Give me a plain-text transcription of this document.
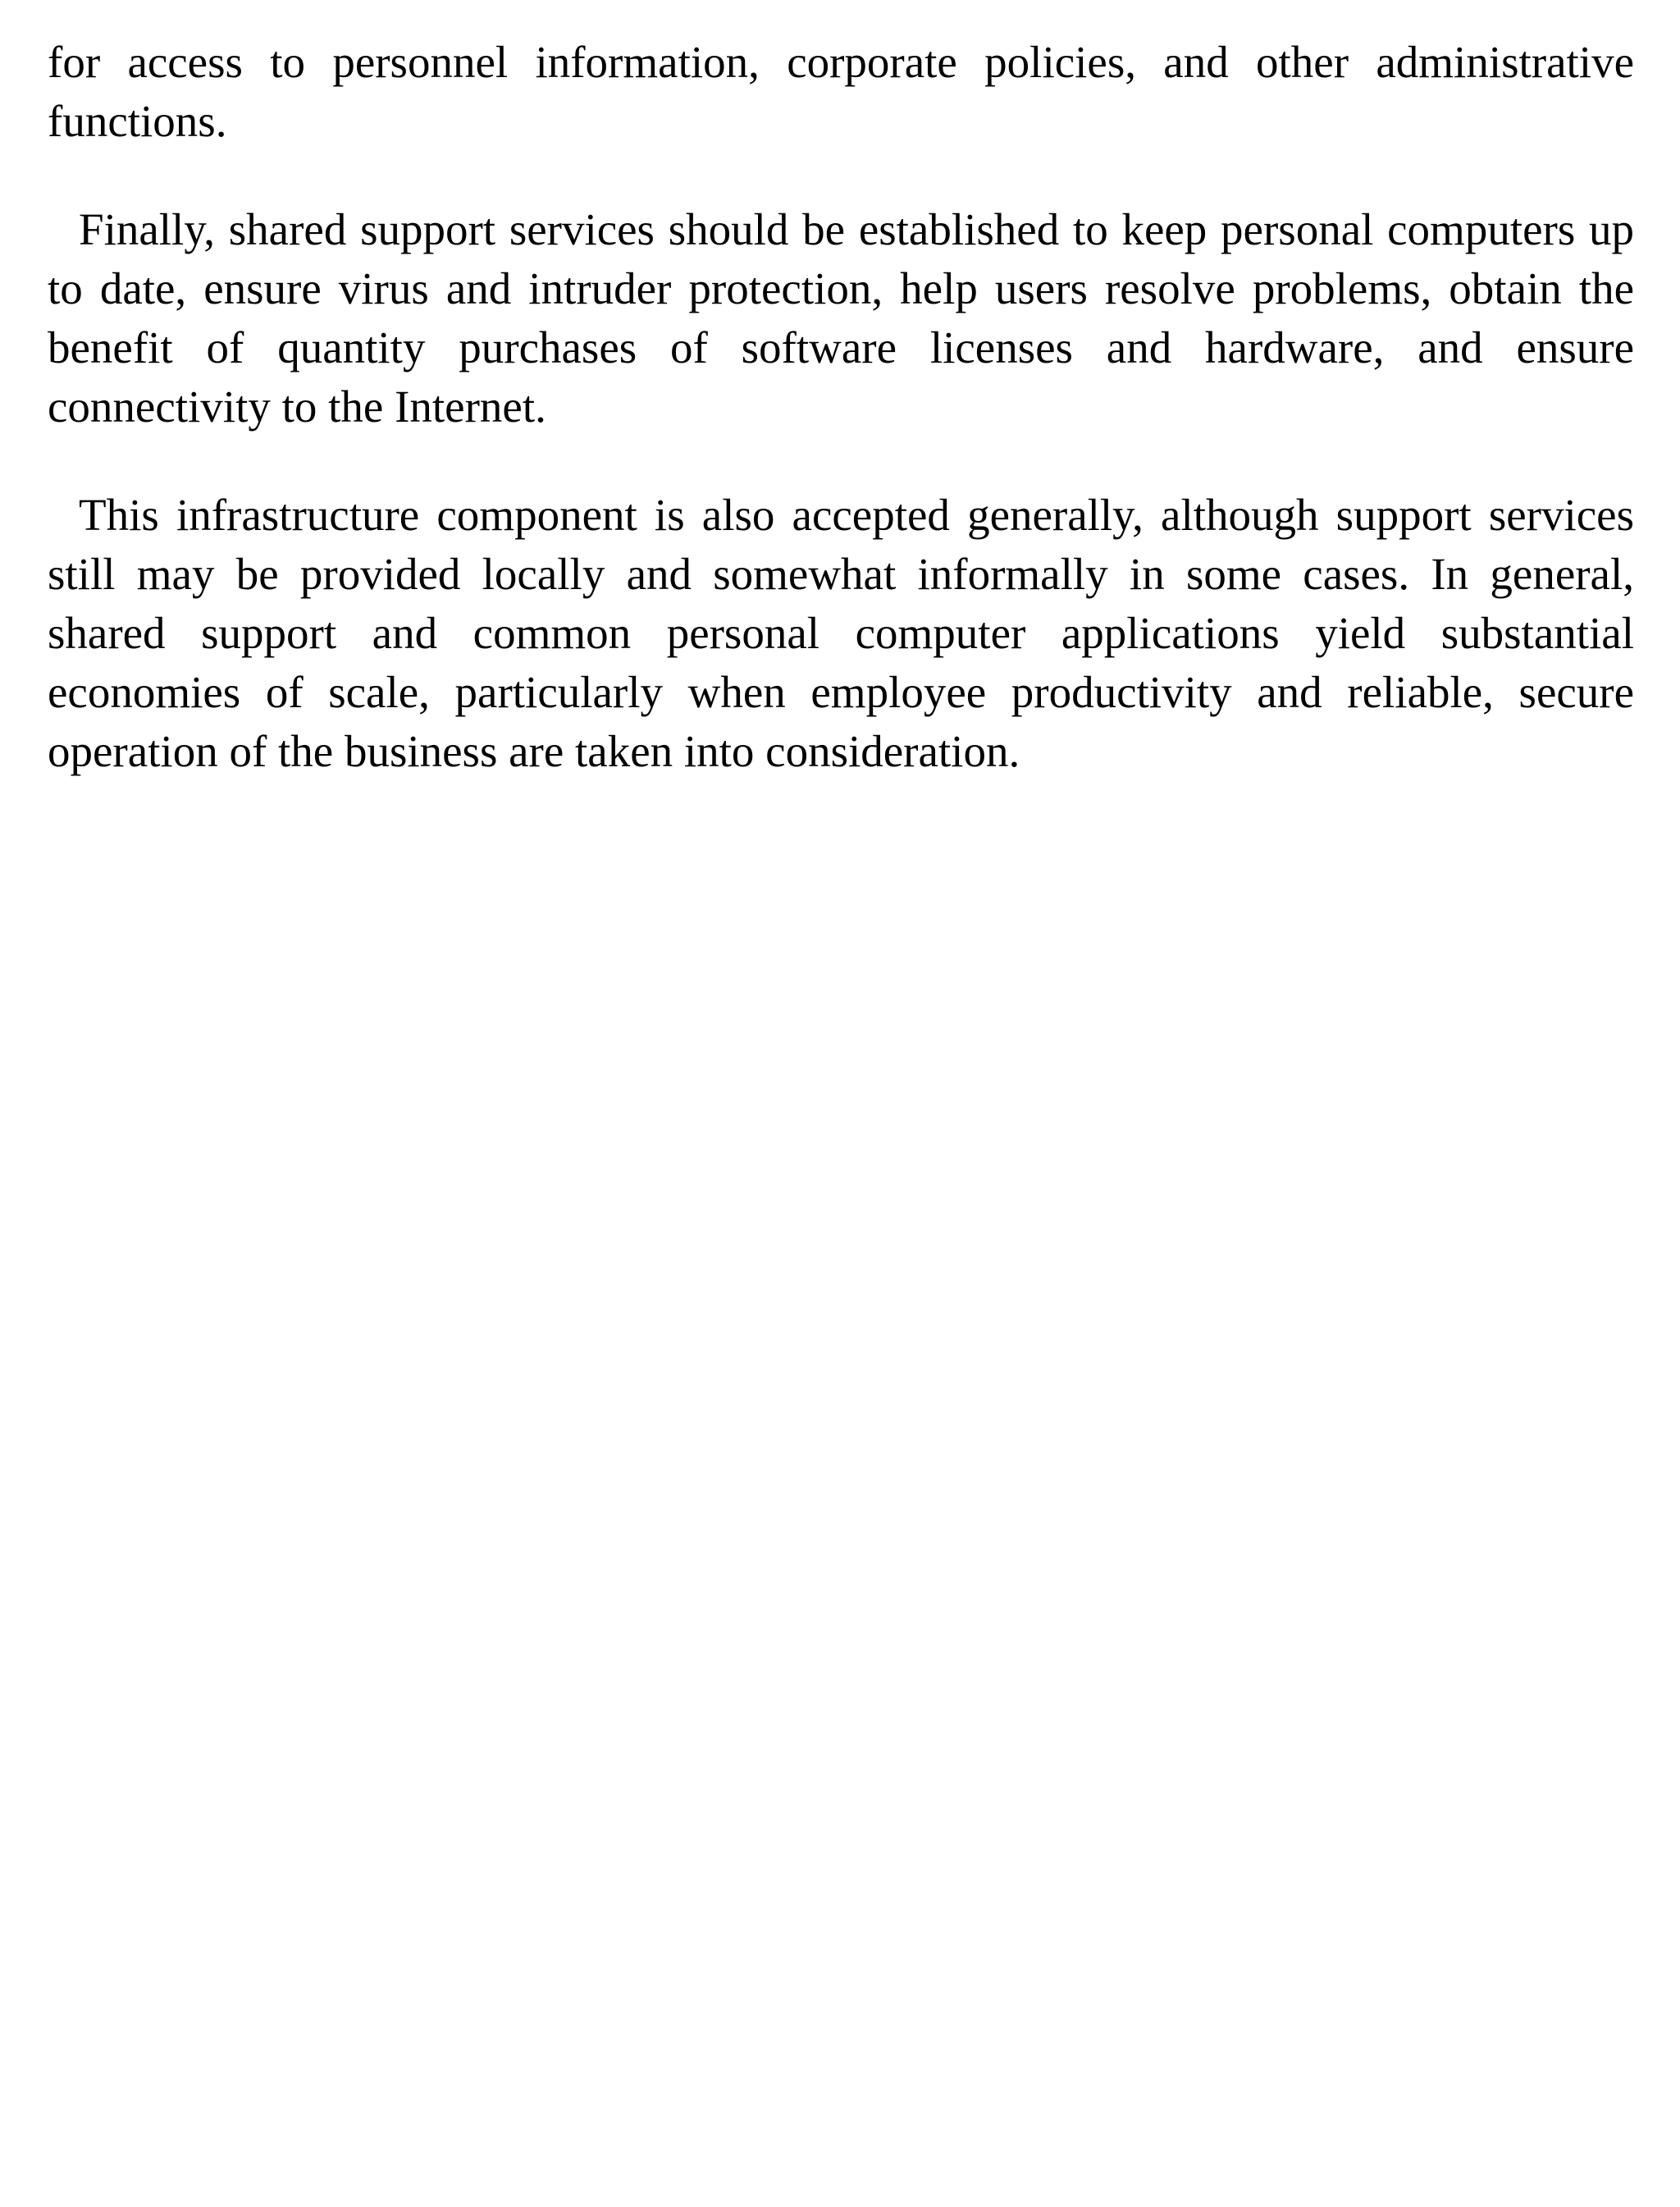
for access to personnel information, corporate policies, and other administrative functions.

Finally, shared support services should be established to keep personal computers up to date, ensure virus and intruder protection, help users resolve problems, obtain the benefit of quantity purchases of software licenses and hardware, and ensure connectivity to the Internet.

This infrastructure component is also accepted generally, although support services still may be provided locally and somewhat informally in some cases. In general, shared support and common personal computer applications yield substantial economies of scale, particularly when employee productivity and reliable, secure operation of the business are taken into consideration.
